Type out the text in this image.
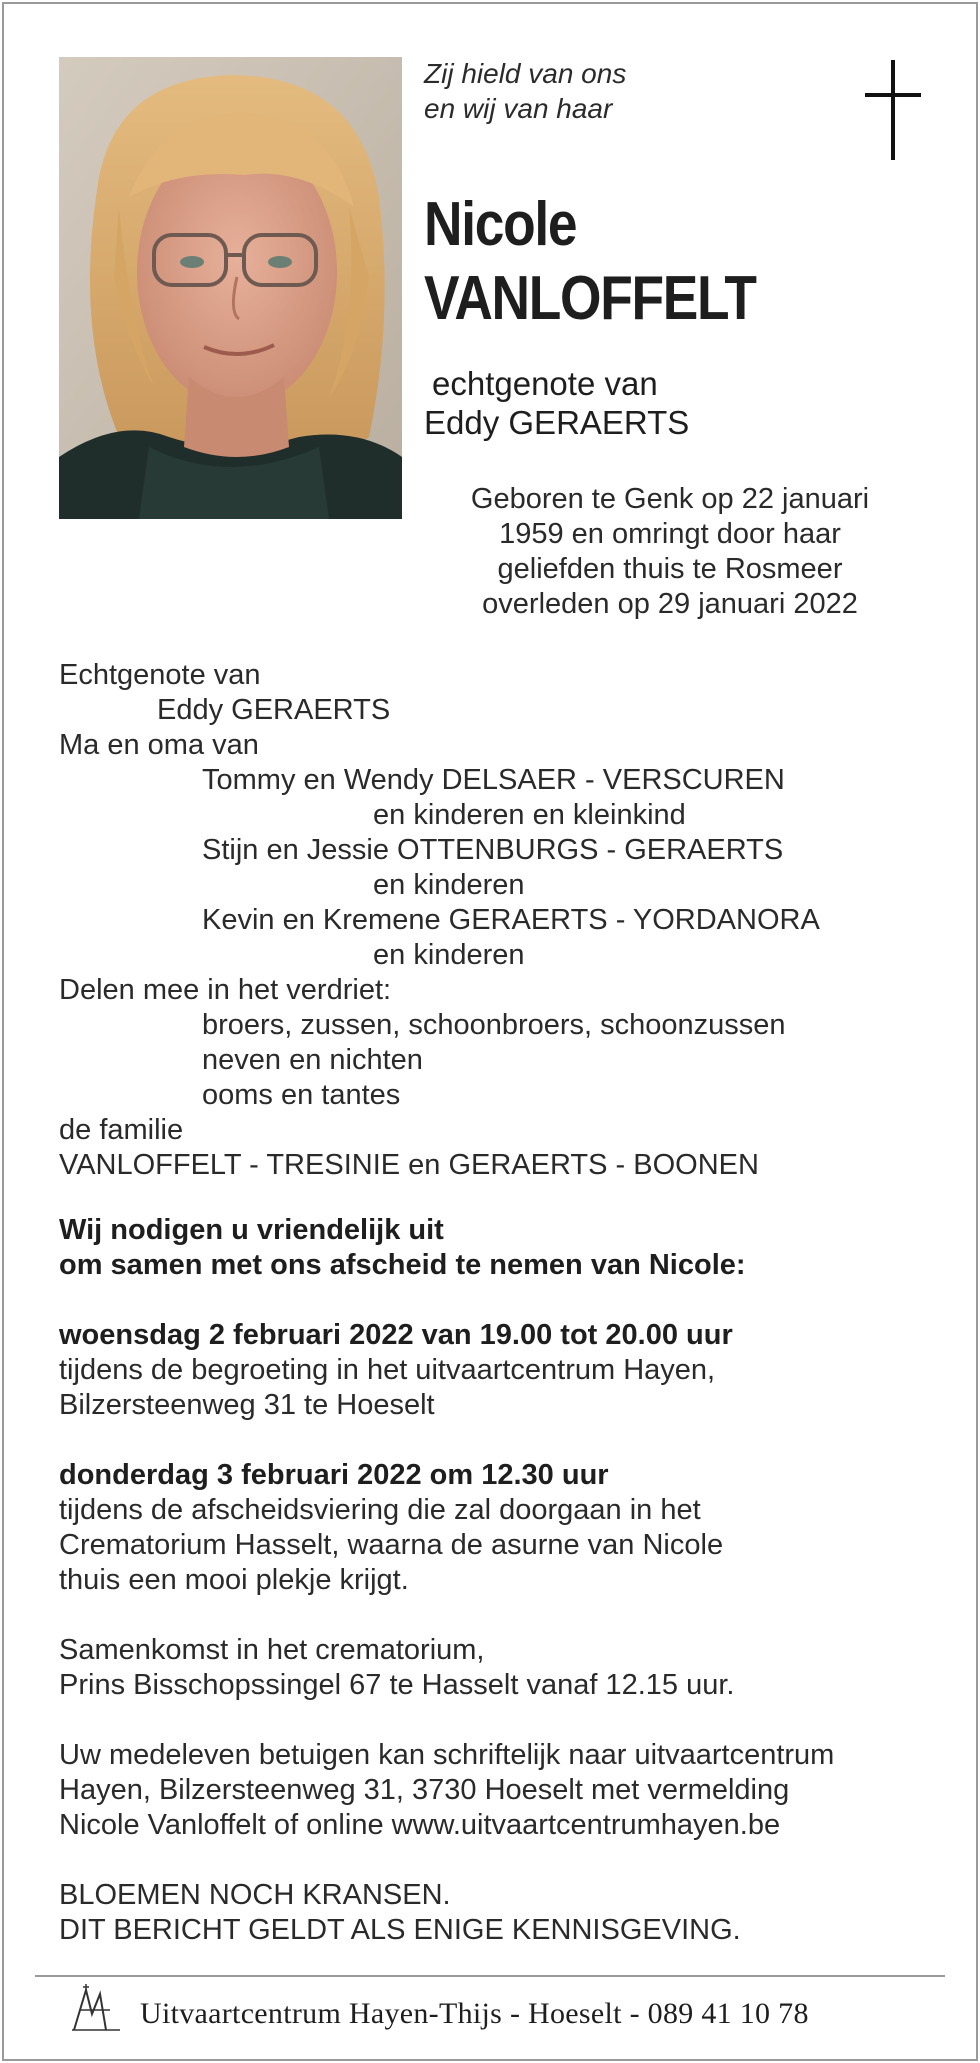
Zij hield van ons
en wij van haar
Nicole
VANLOFFELT
echtgenote van
Eddy GERAERTS
Geboren te Genk op 22 januari
1959 en omringt door haar
geliefden thuis te Rosmeer
overleden op 29 januari 2022
Echtgenote van
Eddy GERAERTS
Ma en oma van
Tommy en Wendy DELSAER - VERSCUREN
en kinderen en kleinkind
Stijn en Jessie OTTENBURGS - GERAERTS
en kinderen
Kevin en Kremene GERAERTS - YORDANORA
en kinderen
Delen mee in het verdriet:
broers, zussen, schoonbroers, schoonzussen
neven en nichten
ooms en tantes
de familie
VANLOFFELT - TRESINIE en GERAERTS - BOONEN
Wij nodigen u vriendelijk uit
om samen met ons afscheid te nemen van Nicole:
woensdag 2 februari 2022 van 19.00 tot 20.00 uur
tijdens de begroeting in het uitvaartcentrum Hayen,
Bilzersteenweg 31 te Hoeselt
donderdag 3 februari 2022 om 12.30 uur
tijdens de afscheidsviering die zal doorgaan in het
Crematorium Hasselt, waarna de asurne van Nicole
thuis een mooi plekje krijgt.
Samenkomst in het crematorium,
Prins Bisschopssingel 67 te Hasselt vanaf 12.15 uur.
Uw medeleven betuigen kan schriftelijk naar uitvaartcentrum
Hayen, Bilzersteenweg 31, 3730 Hoeselt met vermelding
Nicole Vanloffelt of online www.uitvaartcentrumhayen.be
BLOEMEN NOCH KRANSEN.
DIT BERICHT GELDT ALS ENIGE KENNISGEVING.
Uitvaartcentrum Hayen-Thijs - Hoeselt - 089 41 10 78
